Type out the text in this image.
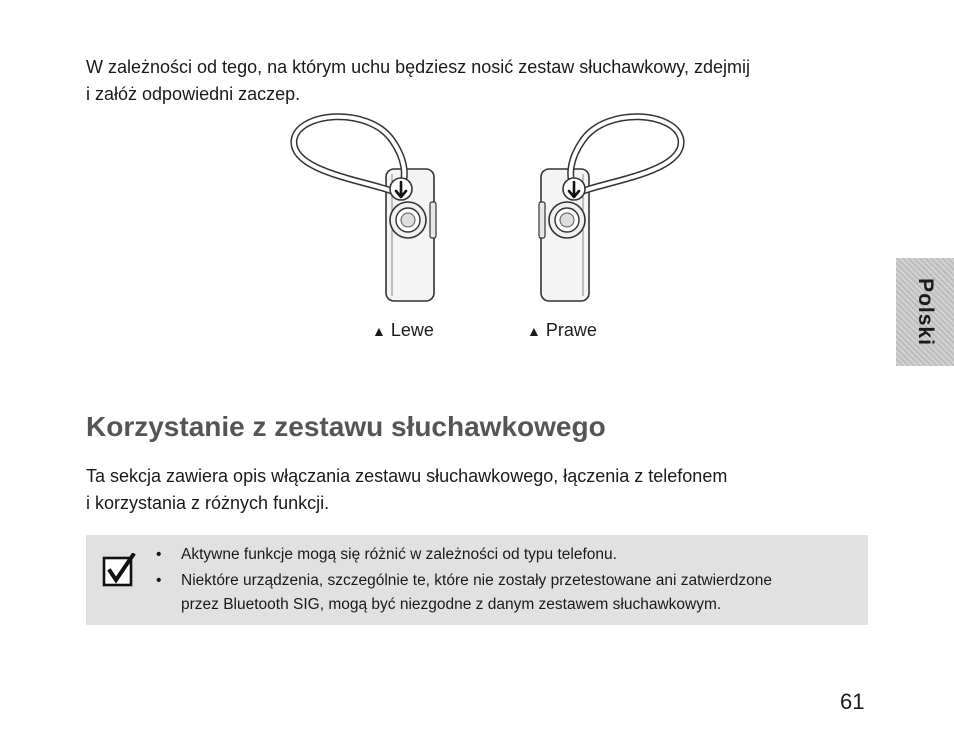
W zależności od tego, na którym uchu będziesz nosić zestaw słuchawkowy, zdejmij
i załóż odpowiedni zaczep.

▲ Lewe	▲ Prawe	Polski
Korzystanie z zestawu słuchawkowego

Ta sekcja zawiera opis włączania zestawu słuchawkowego, łączenia z telefonem
i korzystania z różnych funkcji.

• Aktywne funkcje mogą się różnić w zależności od typu telefonu.
• Niektóre urządzenia, szczególnie te, które nie zostały przetestowane ani zatwierdzone
przez Bluetooth SIG, mogą być niezgodne z danym zestawem słuchawkowym.
61
